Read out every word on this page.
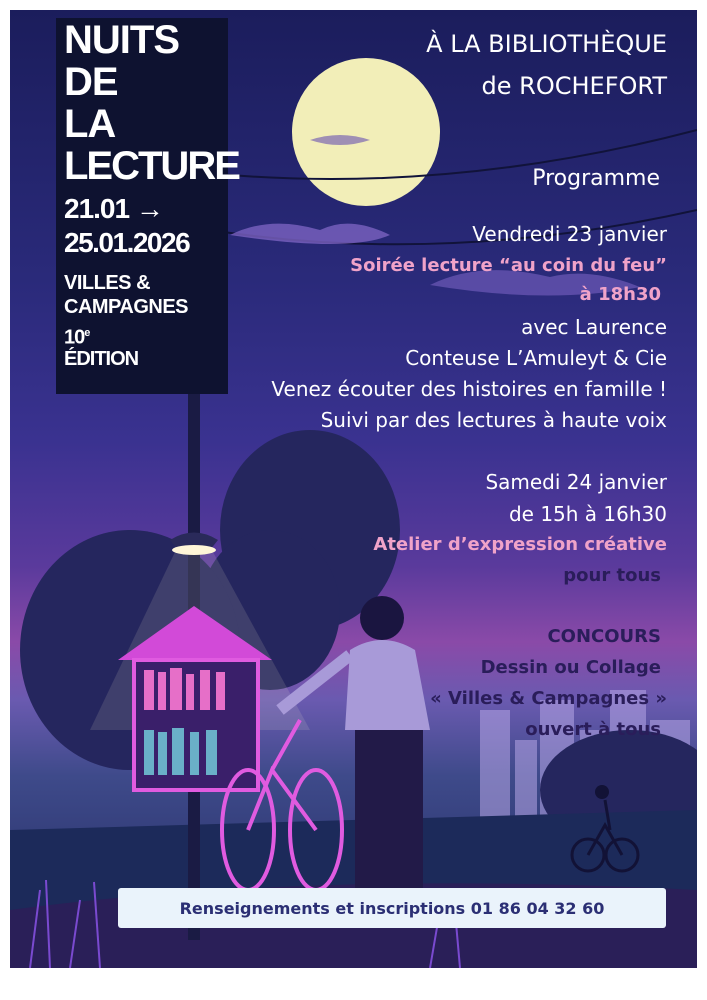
NUITS
DE
LA
LECTURE
21.01 →
25.01.2026
VILLES &
CAMPAGNES
10e
ÉDITION
À LA BIBLIOTHÈQUE
de ROCHEFORT
Programme
Vendredi 23 janvier
Soirée lecture “au coin du feu”
à 18h30
avec Laurence
Conteuse L’Amuleyt & Cie
Venez écouter des histoires en famille !
Suivi par des lectures à haute voix
Samedi 24 janvier
de 15h à 16h30
Atelier d’expression créative
pour tous
CONCOURS
Dessin ou Collage
« Villes & Campagnes »
ouvert à tous
Renseignements et inscriptions 01 86 04 32 60
